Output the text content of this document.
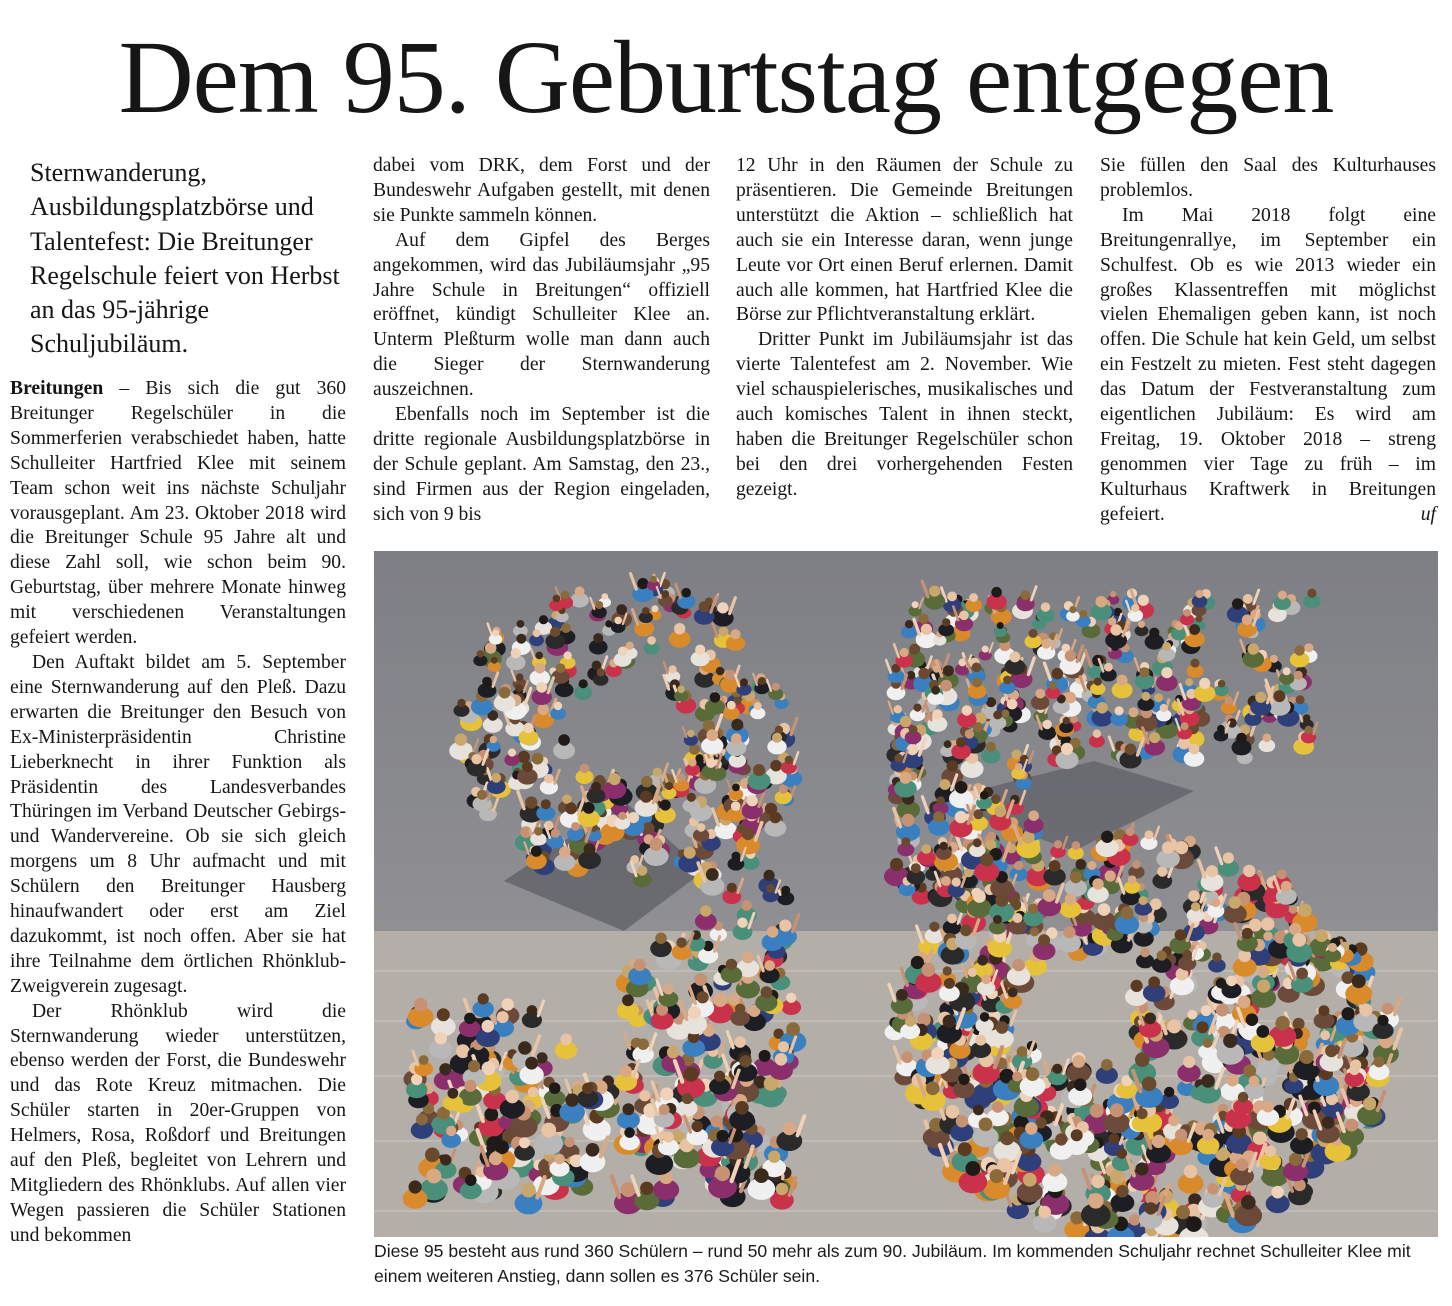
Dem 95. Geburtstag entgegen
Sternwanderung, Ausbildungsplatzbörse und Talentefest: Die Breitunger Regelschule feiert von Herbst an das 95-jährige Schuljubiläum.

Breitungen – Bis sich die gut 360 Breitunger Regelschüler in die Sommerferien verabschiedet haben, hatte Schulleiter Hartfried Klee mit seinem Team schon weit ins nächste Schuljahr vorausgeplant. Am 23. Oktober 2018 wird die Breitunger Schule 95 Jahre alt und diese Zahl soll, wie schon beim 90. Geburtstag, über mehrere Monate hinweg mit verschiedenen Veranstaltungen gefeiert werden.

Den Auftakt bildet am 5. September eine Sternwanderung auf den Pleß. Dazu erwarten die Breitunger den Besuch von Ex-Ministerpräsidentin Christine Lieberknecht in ihrer Funktion als Präsidentin des Landesverbandes Thüringen im Verband Deutscher Gebirgs- und Wandervereine. Ob sie sich gleich morgens um 8 Uhr aufmacht und mit Schülern den Breitunger Hausberg hinaufwandert oder erst am Ziel dazukommt, ist noch offen. Aber sie hat ihre Teilnahme dem örtlichen Rhönklub-Zweigverein zugesagt.

Der Rhönklub wird die Sternwanderung wieder unterstützen, ebenso werden der Forst, die Bundeswehr und das Rote Kreuz mitmachen. Die Schüler starten in 20er-Gruppen von Helmers, Rosa, Roßdorf und Breitungen auf den Pleß, begleitet von Lehrern und Mitgliedern des Rhönklubs. Auf allen vier Wegen passieren die Schüler Stationen und bekommen

dabei vom DRK, dem Forst und der Bundeswehr Aufgaben gestellt, mit denen sie Punkte sammeln können.

Auf dem Gipfel des Berges angekommen, wird das Jubiläumsjahr „95 Jahre Schule in Breitungen“ offiziell eröffnet, kündigt Schulleiter Klee an. Unterm Pleßturm wolle man dann auch die Sieger der Sternwanderung auszeichnen.

Ebenfalls noch im September ist die dritte regionale Ausbildungsplatzbörse in der Schule geplant. Am Samstag, den 23., sind Firmen aus der Region eingeladen, sich von 9 bis

12 Uhr in den Räumen der Schule zu präsentieren. Die Gemeinde Breitungen unterstützt die Aktion – schließlich hat auch sie ein Interesse daran, wenn junge Leute vor Ort einen Beruf erlernen. Damit auch alle kommen, hat Hartfried Klee die Börse zur Pflichtveranstaltung erklärt.

Dritter Punkt im Jubiläumsjahr ist das vierte Talentefest am 2. November. Wie viel schauspielerisches, musikalisches und auch komisches Talent in ihnen steckt, haben die Breitunger Regelschüler schon bei den drei vorhergehenden Festen gezeigt.

Sie füllen den Saal des Kulturhauses problemlos.

Im Mai 2018 folgt eine Breitungenrallye, im September ein Schulfest. Ob es wie 2013 wieder ein großes Klassentreffen mit möglichst vielen Ehemaligen geben kann, ist noch offen. Die Schule hat kein Geld, um selbst ein Festzelt zu mieten. Fest steht dagegen das Datum der Festveranstaltung zum eigentlichen Jubiläum: Es wird am Freitag, 19. Oktober 2018 – streng genommen vier Tage zu früh – im Kulturhaus Kraftwerk in Breitungen gefeiert.	uf

Diese 95 besteht aus rund 360 Schülern – rund 50 mehr als zum 90. Jubiläum. Im kommenden Schuljahr rechnet Schulleiter Klee mit einem weiteren Anstieg, dann sollen es 376 Schüler sein.
